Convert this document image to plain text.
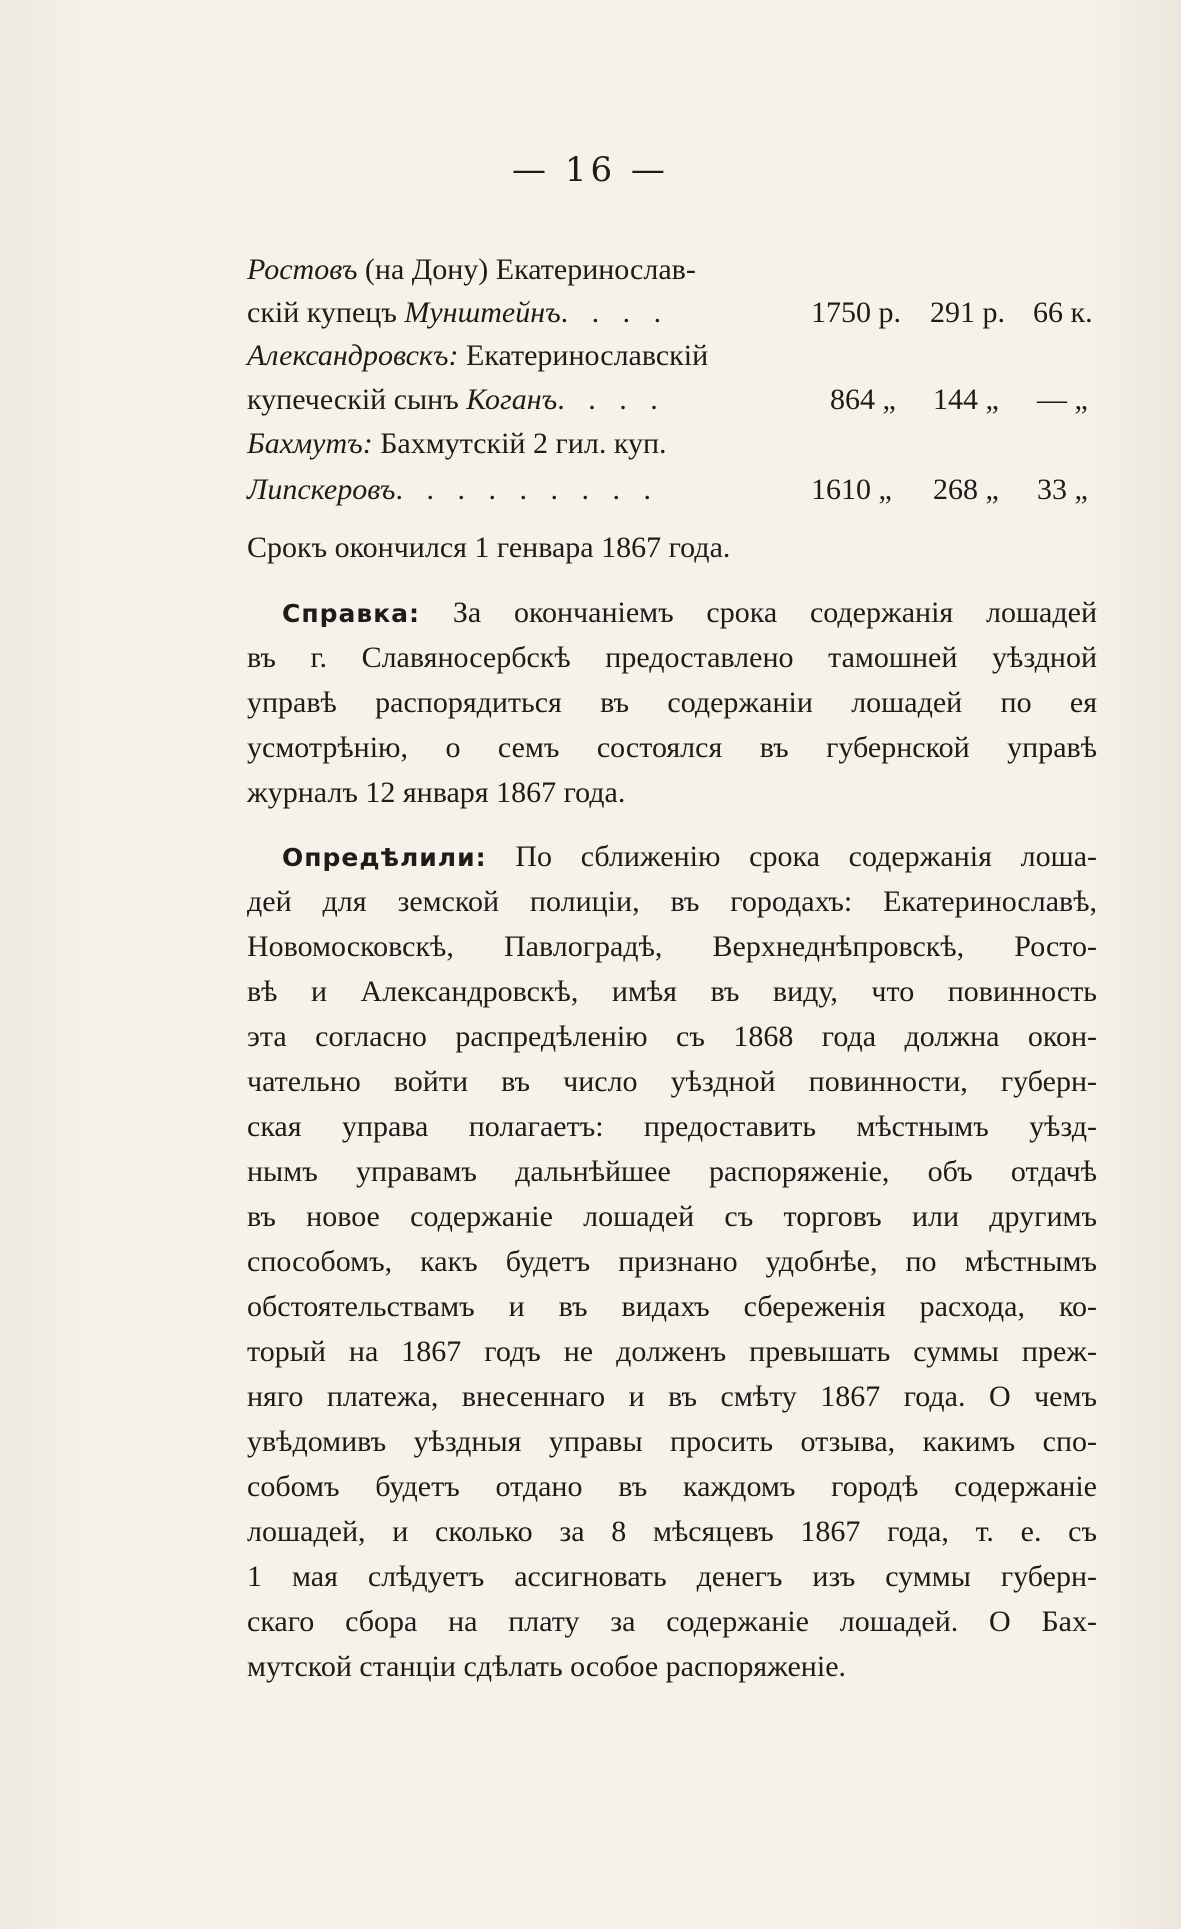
— 16 —
Ростовъ (на Дону) Екатеринослав-
скій купецъ Мунштейнъ. . . .	1750 р. 291 р. 66 к.
Александровскъ: Екатеринославскій
купеческій сынъ Коганъ. . . .	864 „ 144 „ — „
Бахмутъ: Бахмутскій 2 гил. куп.
Липскеровъ. . . . . . . . .	1610 „ 268 „ 33 „
Срокъ окончился 1 генвара 1867 года.
Справка: За окончаніемъ срока содержанія лошадей
въ г. Славяносербскѣ предоставлено тамошней уѣздной
управѣ распорядиться въ содержаніи лошадей по ея
усмотрѣнію, о семъ состоялся въ губернской управѣ
журналъ 12 января 1867 года.
Опредѣлили: По сближенію срока содержанія лоша-
дей для земской полиціи, въ городахъ: Екатеринославѣ,
Новомосковскѣ, Павлоградѣ, Верхнеднѣпровскѣ, Росто-
вѣ и Александровскѣ, имѣя въ виду, что повинность
эта согласно распредѣленію съ 1868 года должна окон-
чательно войти въ число уѣздной повинности, губерн-
ская управа полагаетъ: предоставить мѣстнымъ уѣзд-
нымъ управамъ дальнѣйшее распоряженіе, объ отдачѣ
въ новое содержаніе лошадей съ торговъ или другимъ
способомъ, какъ будетъ признано удобнѣе, по мѣстнымъ
обстоятельствамъ и въ видахъ сбереженія расхода, ко-
торый на 1867 годъ не долженъ превышать суммы преж-
няго платежа, внесеннаго и въ смѣту 1867 года. О чемъ
увѣдомивъ уѣздныя управы просить отзыва, какимъ спо-
собомъ будетъ отдано въ каждомъ городѣ содержаніе
лошадей, и сколько за 8 мѣсяцевъ 1867 года, т. е. съ
1 мая слѣдуетъ ассигновать денегъ изъ суммы губерн-
скаго сбора на плату за содержаніе лошадей. О Бах-
мутской станціи сдѣлать особое распоряженіе.
